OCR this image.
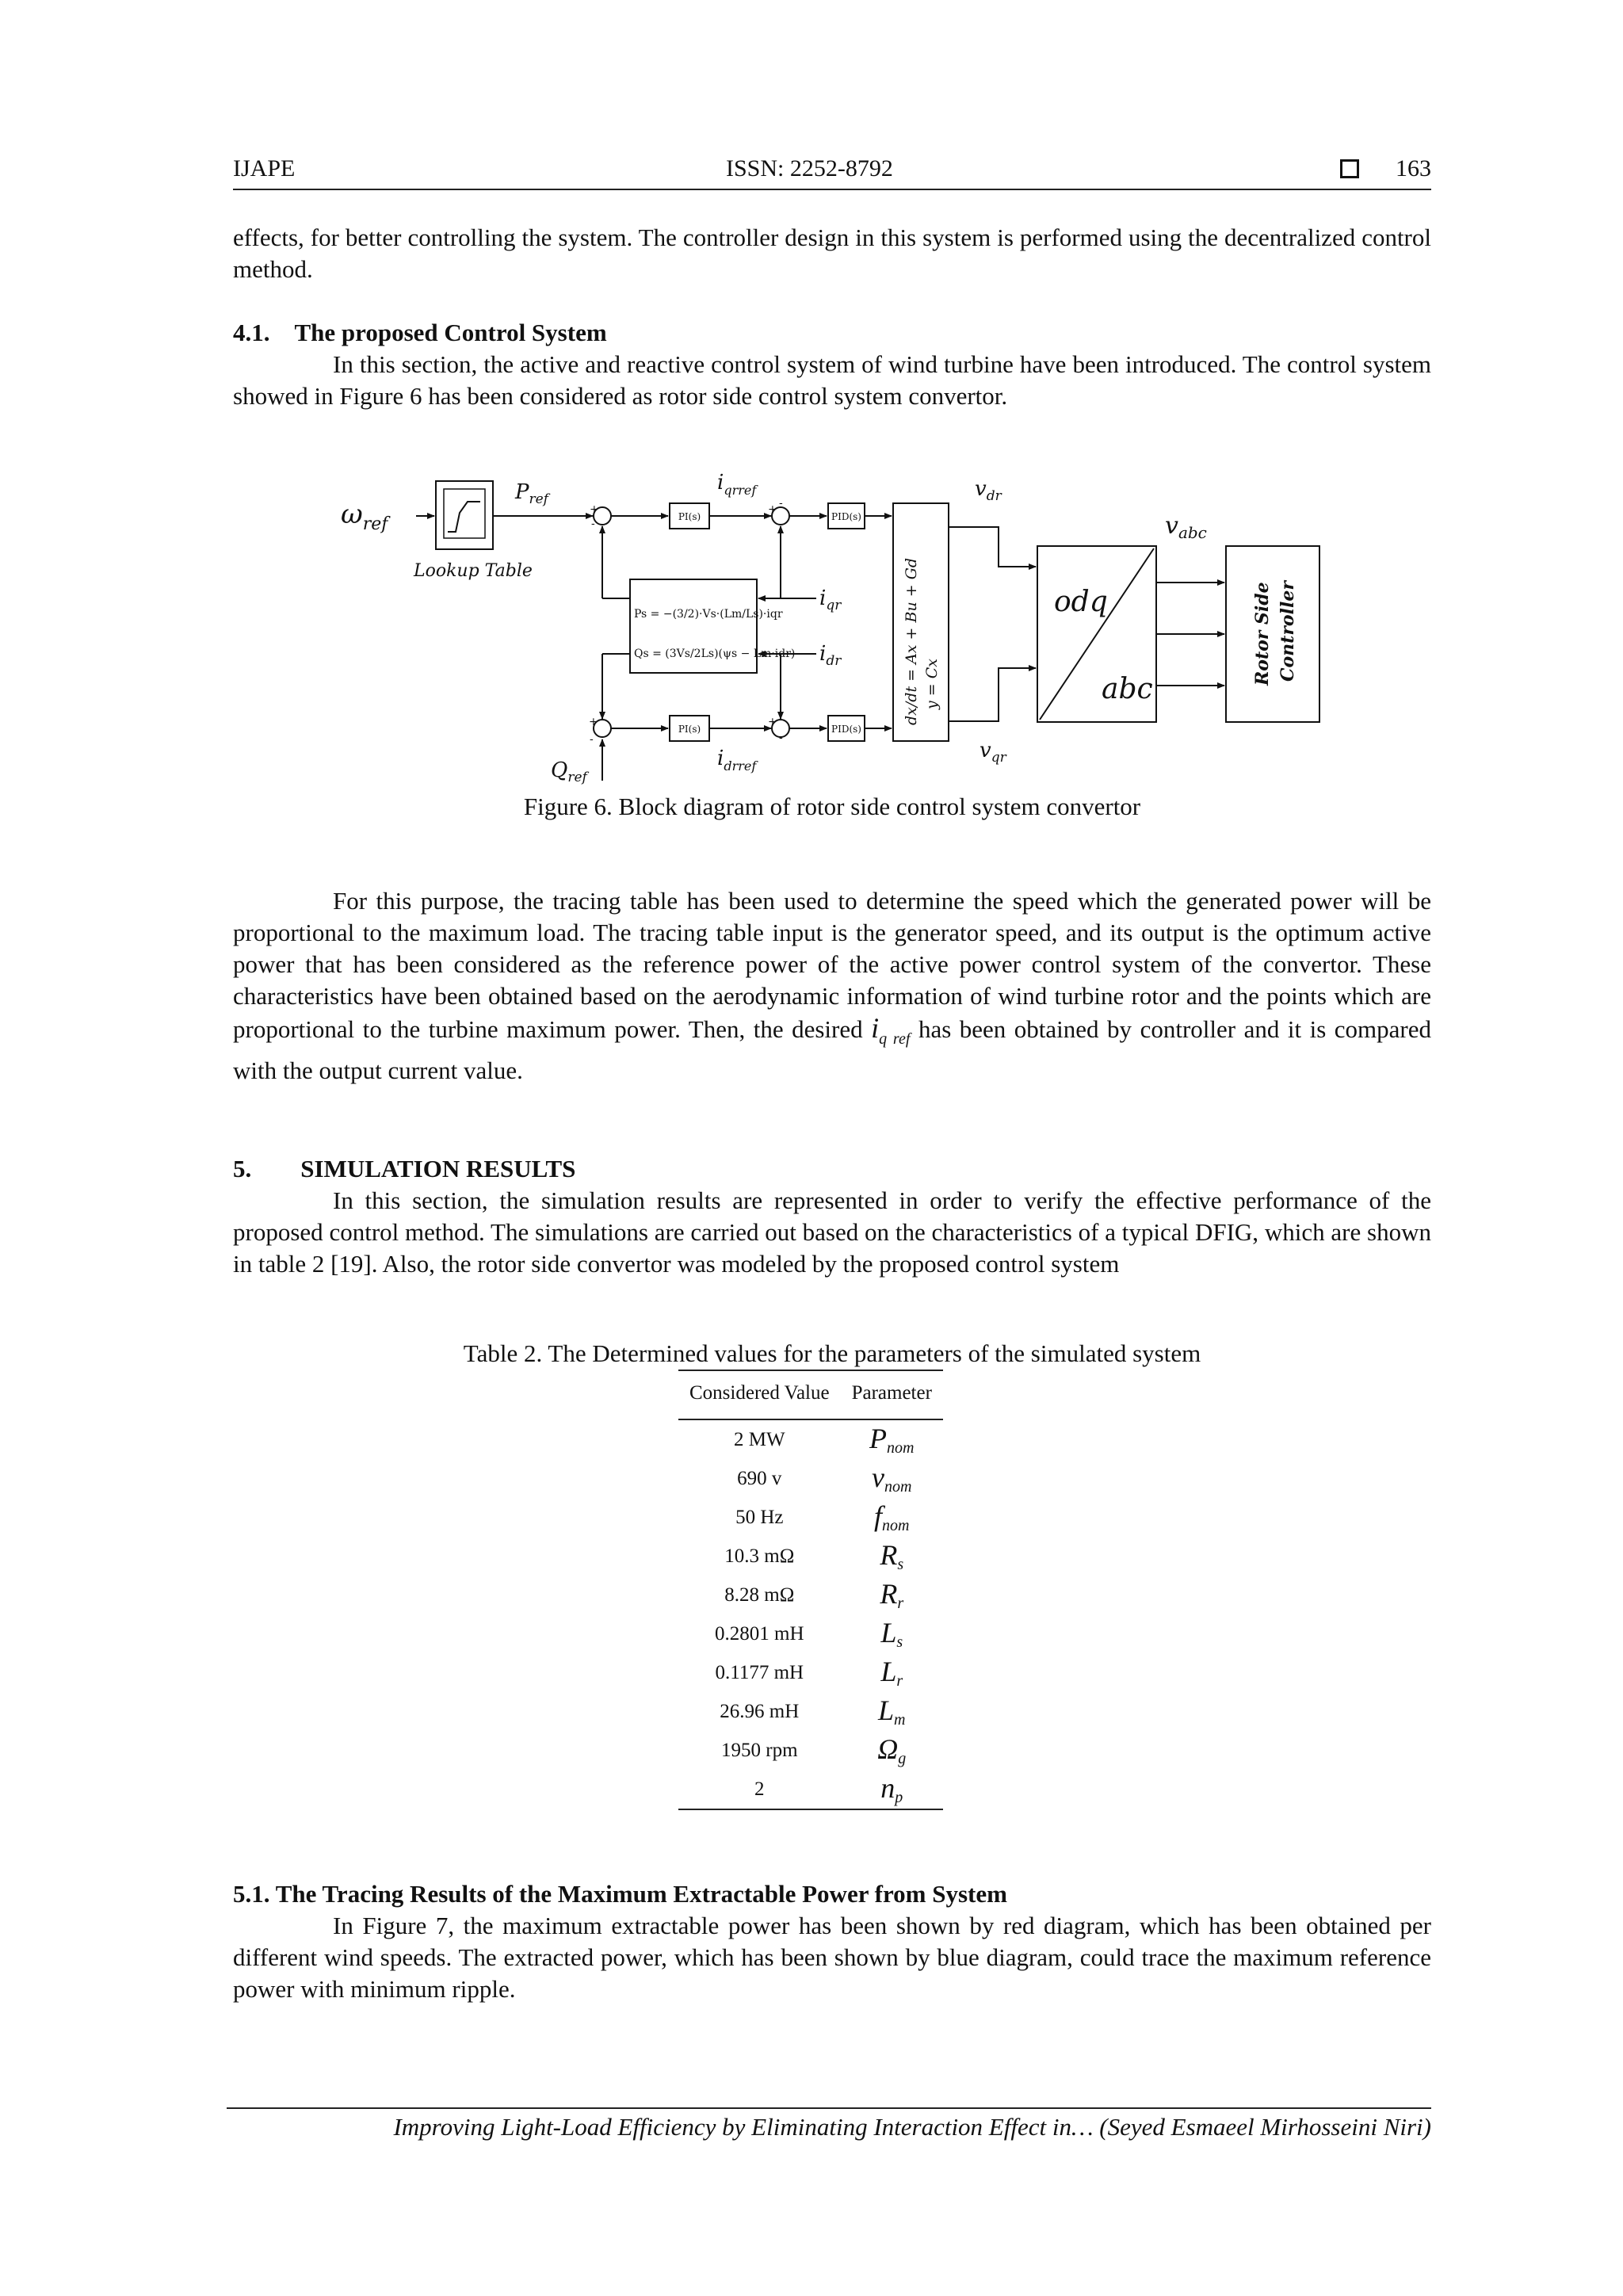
IJAPE	ISSN: 2252-8792	163

effects, for better controlling the system. The controller design in this system is performed using the decentralized control method.

4.1. The proposed Control System

In this section, the active and reactive control system of wind turbine have been introduced. The control system showed in Figure 6 has been considered as rotor side control system convertor.

+
-
+ -
+
-
+
-
PI(s)	PID(s)
PI(s)	PID(s)
Ps = −(3/2)·Vs·(Lm/Ls)·iqr
Qs = (3Vs/2Ls)(ψs − Lm·idr)
$\omega_{ref}$
$P_{ref}$
Lookup Table
$i_{qrref}$
$i_{qr}$
$i_{dr}$
$i_{drref}$
$Q_{ref}$
$v_{dr}$
$v_{qr}$
$v_{abc}$
odq
abc
dx/dt = Ax + Bu + Gd y = Cx	Rotor Side Controller
Figure 6. Block diagram of rotor side control system convertor

For this purpose, the tracing table has been used to determine the speed which the generated power will be proportional to the maximum load. The tracing table input is the generator speed, and its output is the optimum active power that has been considered as the reference power of the active power control system of the convertor. These characteristics have been obtained based on the aerodynamic information of wind turbine rotor and the points which are proportional to the turbine maximum power. Then, the desired $i_{q ref}$ has been obtained by controller and it is compared with the output current value.

5.  SIMULATION RESULTS

In this section, the simulation results are represented in order to verify the effective performance of the proposed control method. The simulations are carried out based on the characteristics of a typical DFIG, which are shown in table 2 [19]. Also, the rotor side convertor was modeled by the proposed control system

Table 2. The Determined values for the parameters of the simulated system
Considered Value	Parameter
2 MW	$P_{nom}$
690 v	$v_{nom}$
50 Hz	$f_{nom}$
10.3 mΩ	$R_s$
8.28 mΩ	$R_r$
0.2801 mH	$L_s$
0.1177 mH	$L_r$
26.96 mH	$L_m$
1950 rpm	$\Omega_g$
2	$n_p$
5.1. The Tracing Results of the Maximum Extractable Power from System

In Figure 7, the maximum extractable power has been shown by red diagram, which has been obtained per different wind speeds. The extracted power, which has been shown by blue diagram, could trace the maximum reference power with minimum ripple.

Improving Light-Load Efficiency by Eliminating Interaction Effect in… (Seyed Esmaeel Mirhosseini Niri)
